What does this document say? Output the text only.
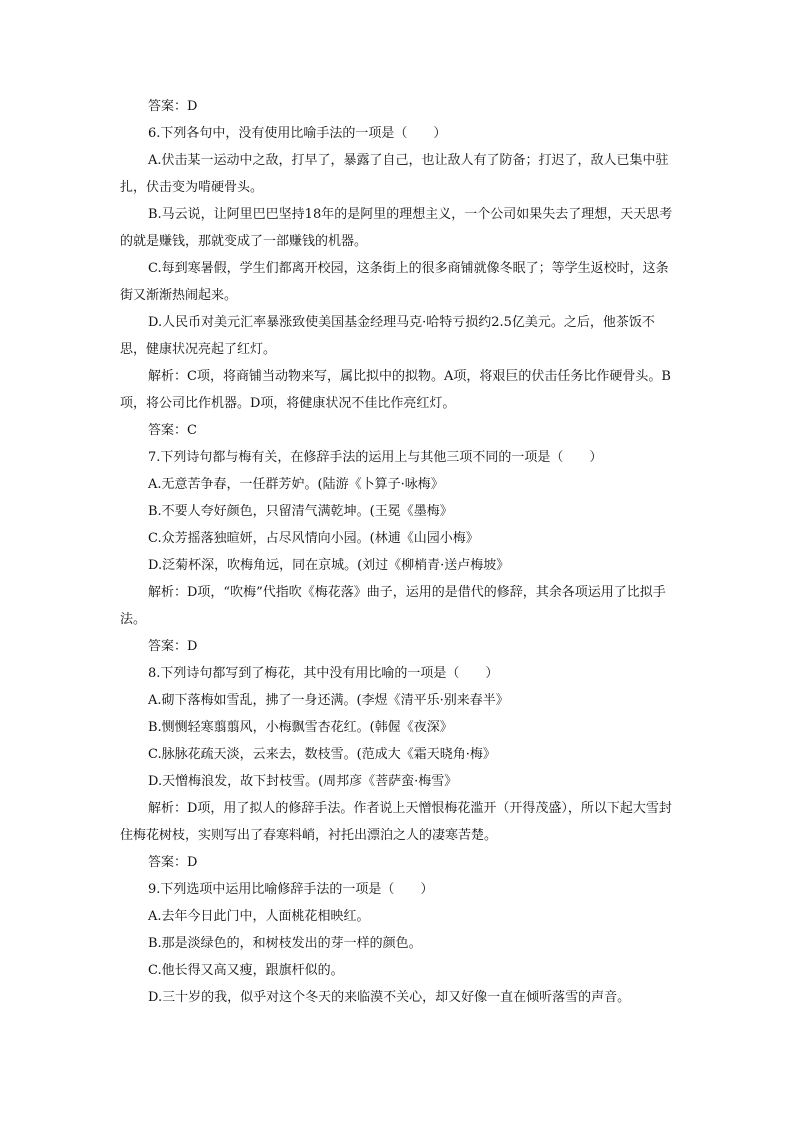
答案：D

6.下列各句中，没有使用比喻手法的一项是（　　）

A.伏击某一运动中之敌，打早了，暴露了自己，也让敌人有了防备；打迟了，敌人已集中驻扎，伏击变为啃硬骨头。

B.马云说，让阿里巴巴坚持18年的是阿里的理想主义，一个公司如果失去了理想，天天思考的就是赚钱，那就变成了一部赚钱的机器。

C.每到寒暑假，学生们都离开校园，这条街上的很多商铺就像冬眠了；等学生返校时，这条街又渐渐热闹起来。

D.人民币对美元汇率暴涨致使美国基金经理马克·哈特亏损约2.5亿美元。之后，他茶饭不思，健康状况亮起了红灯。

解析：C项，将商铺当动物来写，属比拟中的拟物。A项，将艰巨的伏击任务比作硬骨头。B项，将公司比作机器。D项，将健康状况不佳比作亮红灯。

答案：C

7.下列诗句都与梅有关，在修辞手法的运用上与其他三项不同的一项是（　　）

A.无意苦争春，一任群芳妒。(陆游《卜算子·咏梅》

B.不要人夸好颜色，只留清气满乾坤。(王冕《墨梅》

C.众芳摇落独暄妍，占尽风情向小园。(林逋《山园小梅》

D.泛菊杯深，吹梅角远，同在京城。(刘过《柳梢青·送卢梅坡》

解析：D项，“吹梅”代指吹《梅花落》曲子，运用的是借代的修辞，其余各项运用了比拟手法。

答案：D

8.下列诗句都写到了梅花，其中没有用比喻的一项是（　　）

A.砌下落梅如雪乱，拂了一身还满。(李煜《清平乐·别来春半》

B.恻恻轻寒翦翦风，小梅飘雪杏花红。(韩偓《夜深》

C.脉脉花疏天淡，云来去，数枝雪。(范成大《霜天晓角·梅》

D.天憎梅浪发，故下封枝雪。(周邦彦《菩萨蛮·梅雪》

解析：D项，用了拟人的修辞手法。作者说上天憎恨梅花滥开（开得茂盛），所以下起大雪封住梅花树枝，实则写出了春寒料峭，衬托出漂泊之人的凄寒苦楚。

答案：D

9.下列选项中运用比喻修辞手法的一项是（　　）

A.去年今日此门中，人面桃花相映红。

B.那是淡绿色的，和树枝发出的芽一样的颜色。

C.他长得又高又瘦，跟旗杆似的。

D.三十岁的我，似乎对这个冬天的来临漠不关心，却又好像一直在倾听落雪的声音。
